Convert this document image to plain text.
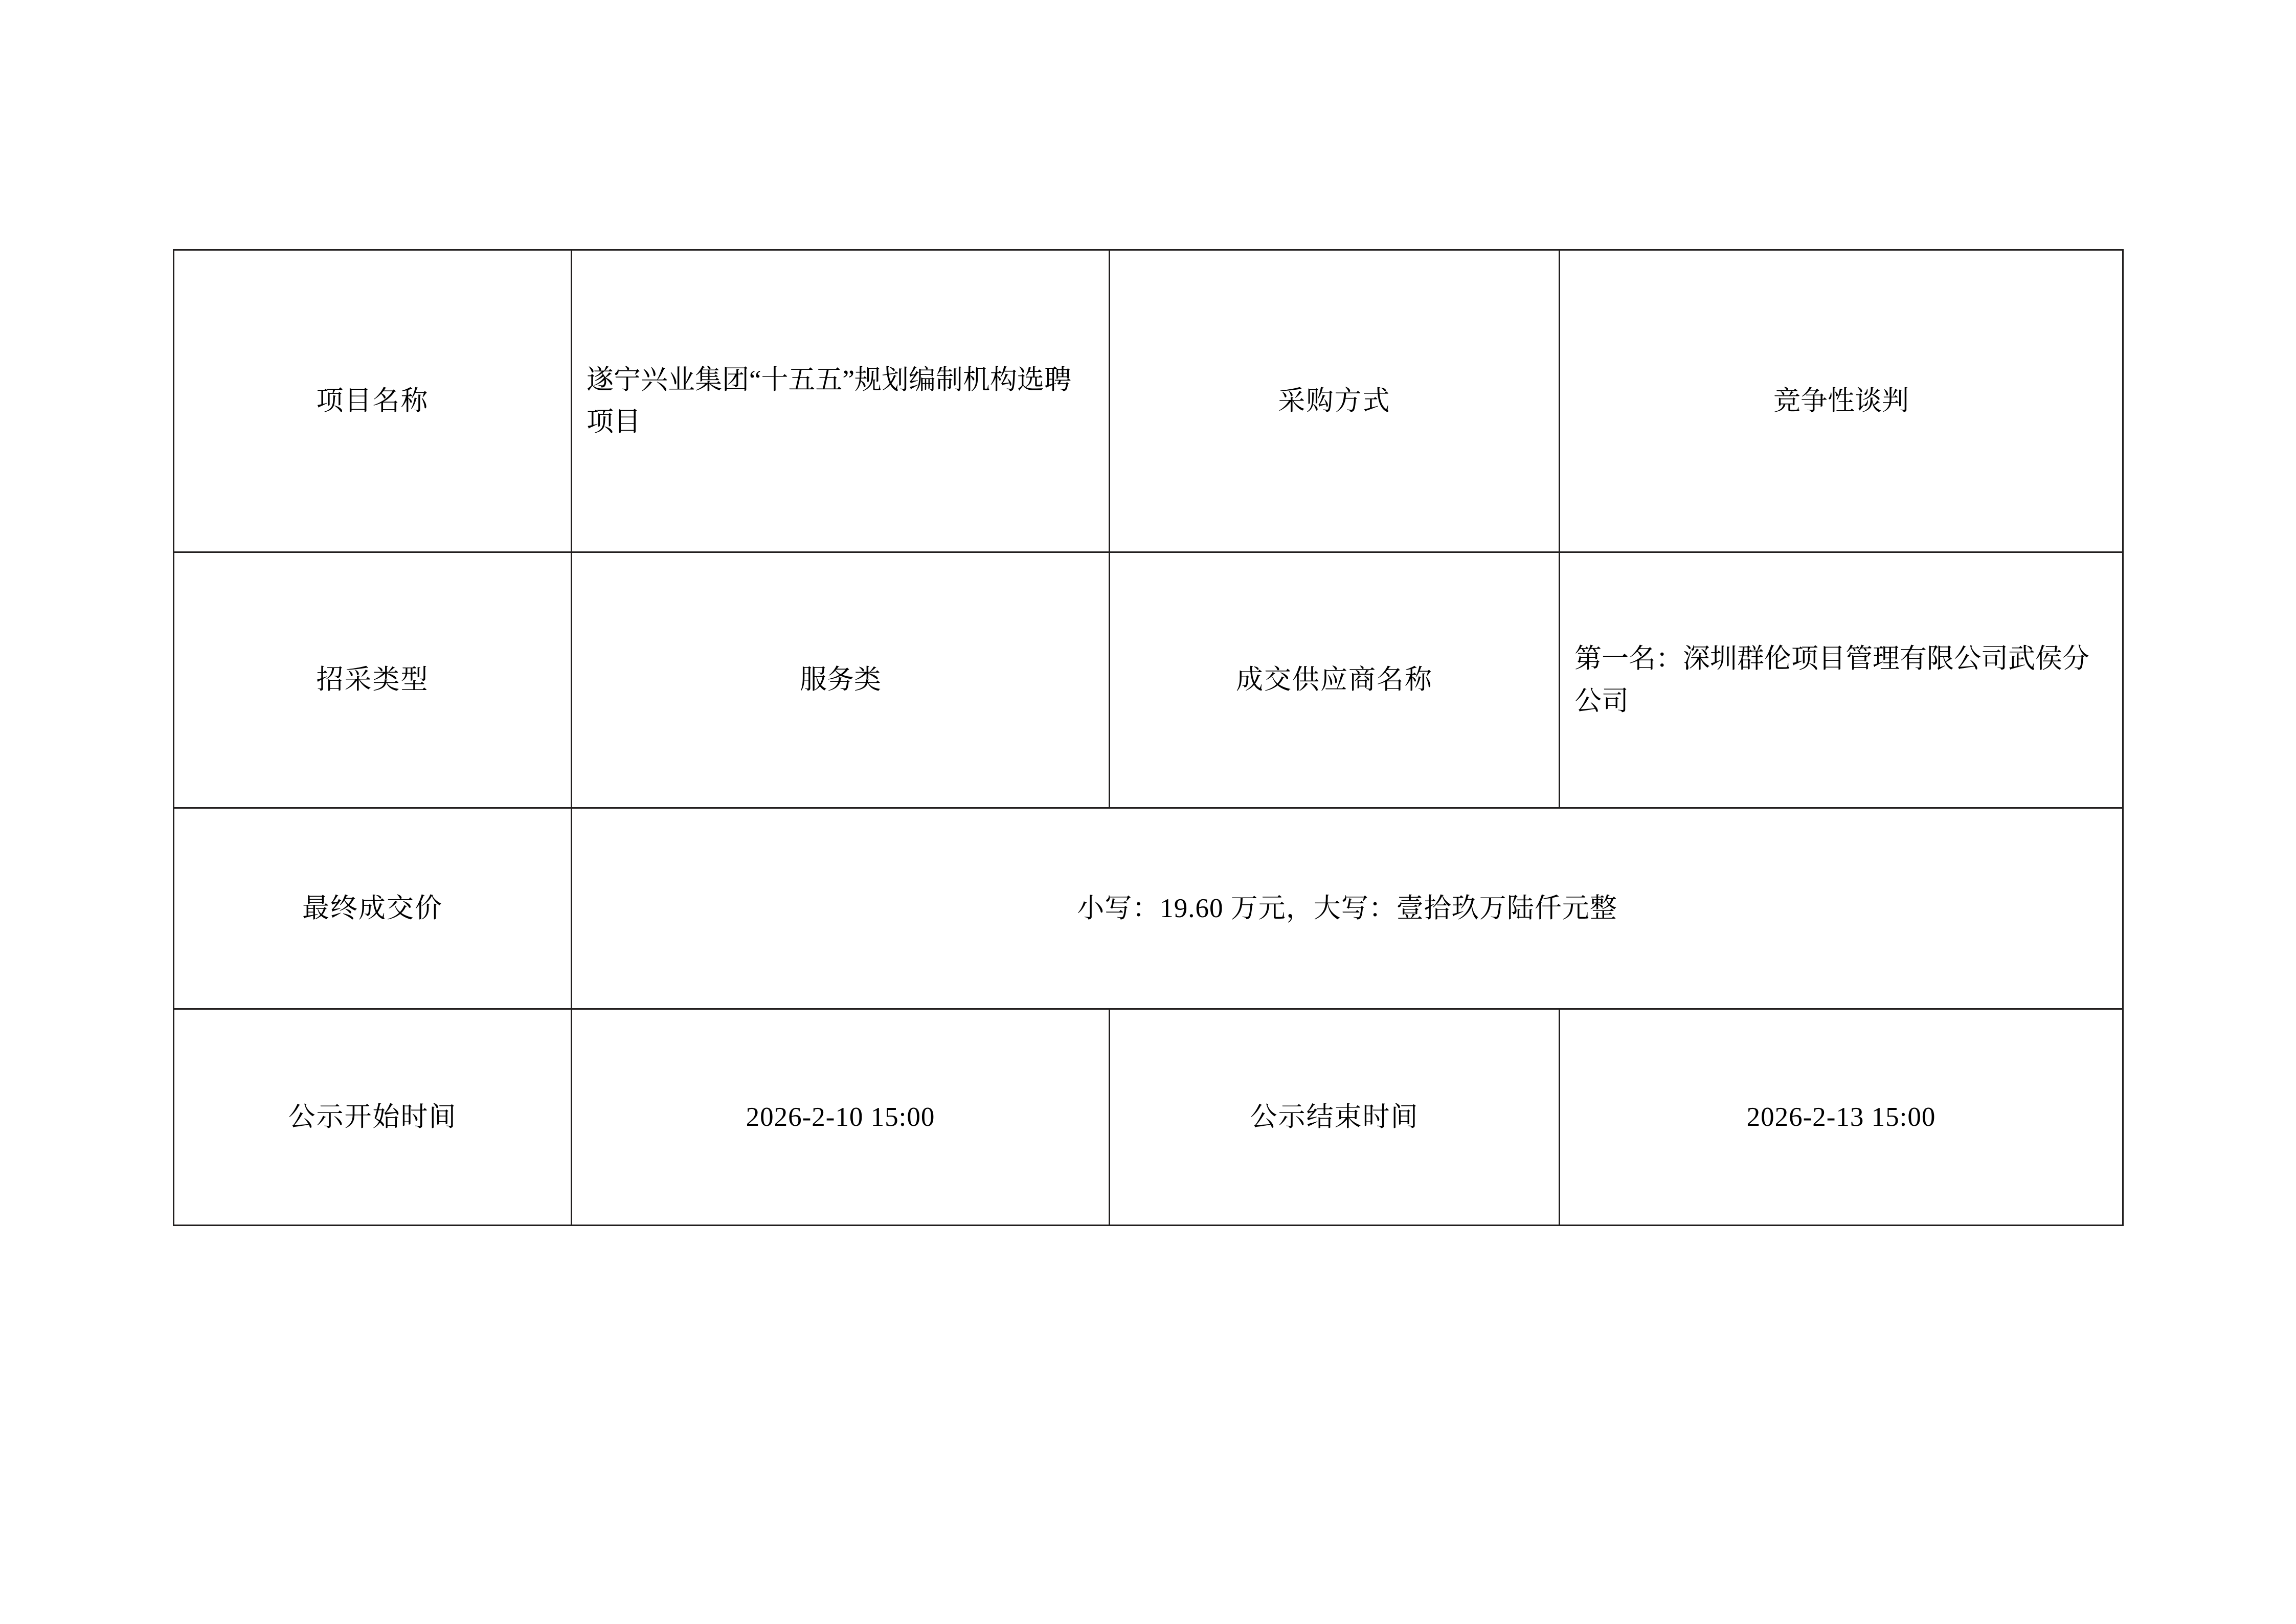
项目名称	遂宁兴业集团“十五五”规划编制机构选聘项目	采购方式	竞争性谈判
招采类型	服务类	成交供应商名称	第一名：深圳群伦项目管理有限公司武侯分公司
最终成交价	小写：19.60 万元，大写：壹拾玖万陆仟元整		
公示开始时间	2026-2-10 15:00	公示结束时间	2026-2-13 15:00
